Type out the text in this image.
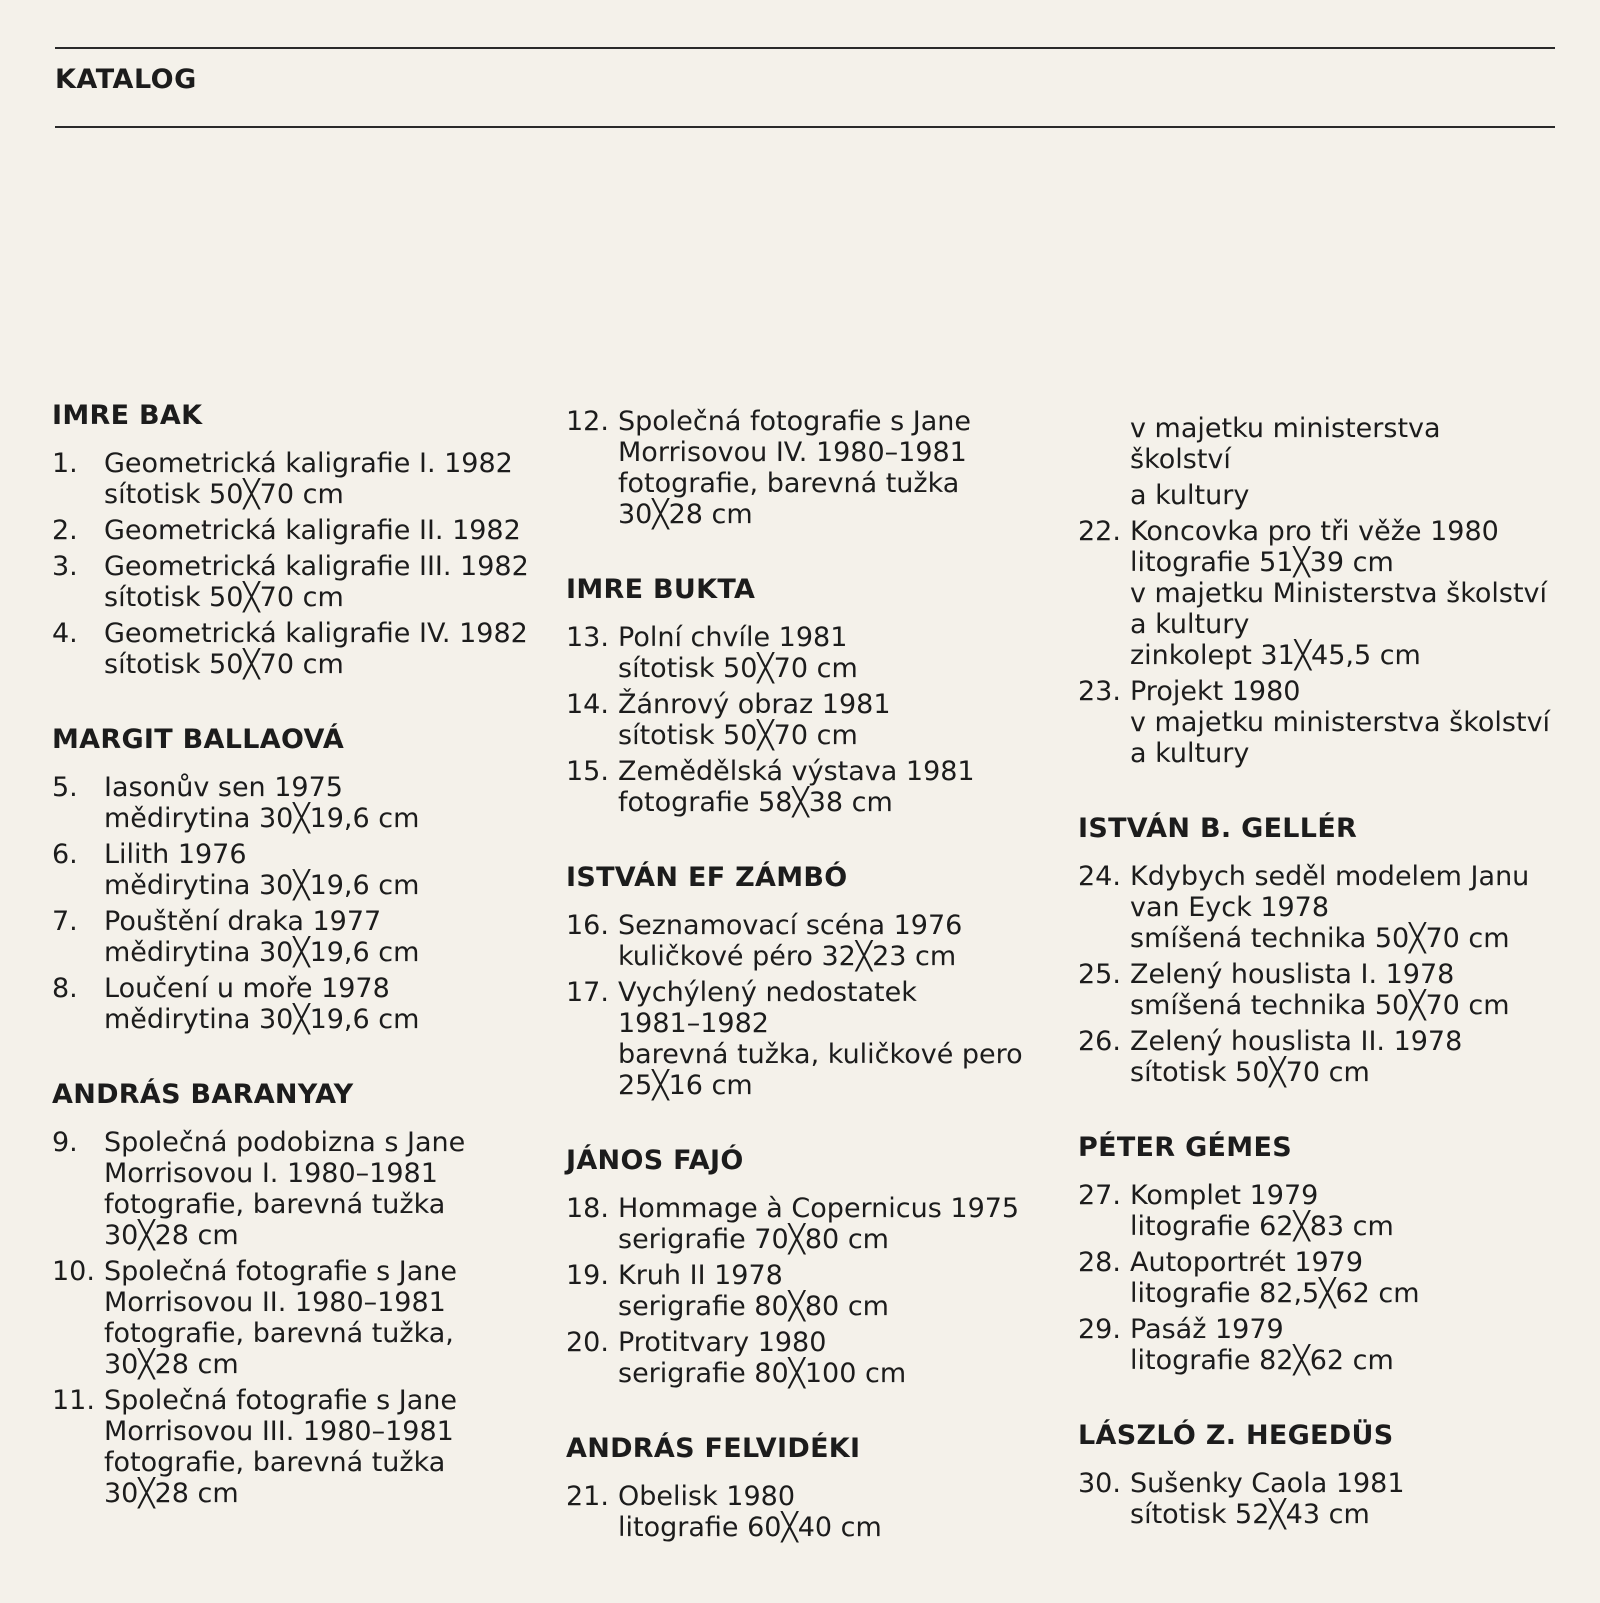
KATALOG
IMRE BAK
1. Geometrická kaligrafie I. 1982
sítotisk 50╳70 cm
2. Geometrická kaligrafie II. 1982
3. Geometrická kaligrafie III. 1982
sítotisk 50╳70 cm
4. Geometrická kaligrafie IV. 1982
sítotisk 50╳70 cm
MARGIT BALLAOVÁ
5. Iasonův sen 1975
mědirytina 30╳19,6 cm
6. Lilith 1976
mědirytina 30╳19,6 cm
7. Pouštění draka 1977
mědirytina 30╳19,6 cm
8. Loučení u moře 1978
mědirytina 30╳19,6 cm
ANDRÁS BARANYAY
9. Společná podobizna s Jane
Morrisovou I. 1980–1981
fotografie, barevná tužka
30╳28 cm
10. Společná fotografie s Jane
Morrisovou II. 1980–1981
fotografie, barevná tužka,
30╳28 cm
11. Společná fotografie s Jane
Morrisovou III. 1980–1981
fotografie, barevná tužka
30╳28 cm
12. Společná fotografie s Jane
Morrisovou IV. 1980–1981
fotografie, barevná tužka
30╳28 cm
IMRE BUKTA
13. Polní chvíle 1981
sítotisk 50╳70 cm
14. Žánrový obraz 1981
sítotisk 50╳70 cm
15. Zemědělská výstava 1981
fotografie 58╳38 cm
ISTVÁN EF ZÁMBÓ
16. Seznamovací scéna 1976
kuličkové péro 32╳23 cm
17. Vychýlený nedostatek
1981–1982
barevná tužka, kuličkové pero
25╳16 cm
JÁNOS FAJÓ
18. Hommage à Copernicus 1975
serigrafie 70╳80 cm
19. Kruh II 1978
serigrafie 80╳80 cm
20. Protitvary 1980
serigrafie 80╳100 cm
ANDRÁS FELVIDÉKI
21. Obelisk 1980
litografie 60╳40 cm
v majetku ministerstva školství
a kultury
22. Koncovka pro tři věže 1980
litografie 51╳39 cm
v majetku Ministerstva školství
a kultury
zinkolept 31╳45,5 cm
23. Projekt 1980
v majetku ministerstva školství
a kultury
ISTVÁN B. GELLÉR
24. Kdybych seděl modelem Janu
van Eyck 1978
smíšená technika 50╳70 cm
25. Zelený houslista I. 1978
smíšená technika 50╳70 cm
26. Zelený houslista II. 1978
sítotisk 50╳70 cm
PÉTER GÉMES
27. Komplet 1979
litografie 62╳83 cm
28. Autoportrét 1979
litografie 82,5╳62 cm
29. Pasáž 1979
litografie 82╳62 cm
LÁSZLÓ Z. HEGEDÜS
30. Sušenky Caola 1981
sítotisk 52╳43 cm
